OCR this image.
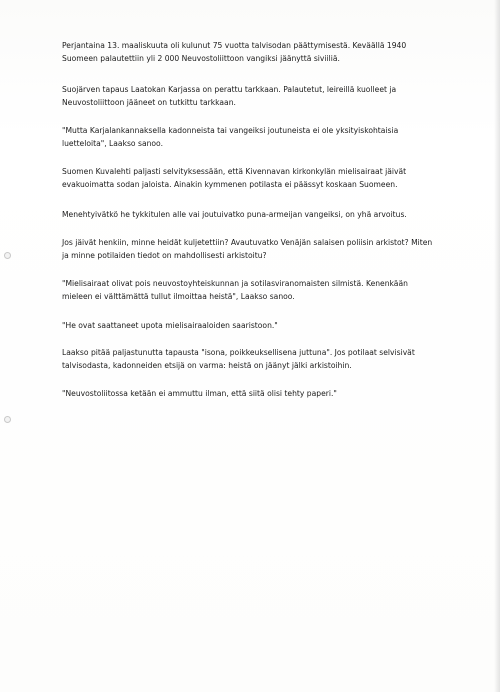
Perjantaina 13. maaliskuuta oli kulunut 75 vuotta talvisodan päättymisestä. Keväällä 1940
Suomeen palautettiin yli 2 000 Neuvostoliittoon vangiksi jäänyttä siviiliä.

Suojärven tapaus Laatokan Karjassa on perattu tarkkaan. Palautetut, leireillä kuolleet ja
Neuvostoliittoon jääneet on tutkittu tarkkaan.

"Mutta Karjalankannaksella kadonneista tai vangeiksi joutuneista ei ole yksityiskohtaisia
luetteloita", Laakso sanoo.

Suomen Kuvalehti paljasti selvityksessään, että Kivennavan kirkonkylän mielisairaat jäivät
evakuoimatta sodan jaloista. Ainakin kymmenen potilasta ei päässyt koskaan Suomeen.

Menehtyivätkö he tykkitulen alle vai joutuivatko puna-armeijan vangeiksi, on yhä arvoitus.

Jos jäivät henkiin, minne heidät kuljetettiin? Avautuvatko Venäjän salaisen poliisin arkistot? Miten
ja minne potilaiden tiedot on mahdollisesti arkistoitu?

"Mielisairaat olivat pois neuvostoyhteiskunnan ja sotilasviranomaisten silmistä. Kenenkään
mieleen ei välttämättä tullut ilmoittaa heistä", Laakso sanoo.

"He ovat saattaneet upota mielisairaaloiden saaristoon."

Laakso pitää paljastunutta tapausta "isona, poikkeuksellisena juttuna". Jos potilaat selvisivät
talvisodasta, kadonneiden etsijä on varma: heistä on jäänyt jälki arkistoihin.

"Neuvostoliitossa ketään ei ammuttu ilman, että siitä olisi tehty paperi."
